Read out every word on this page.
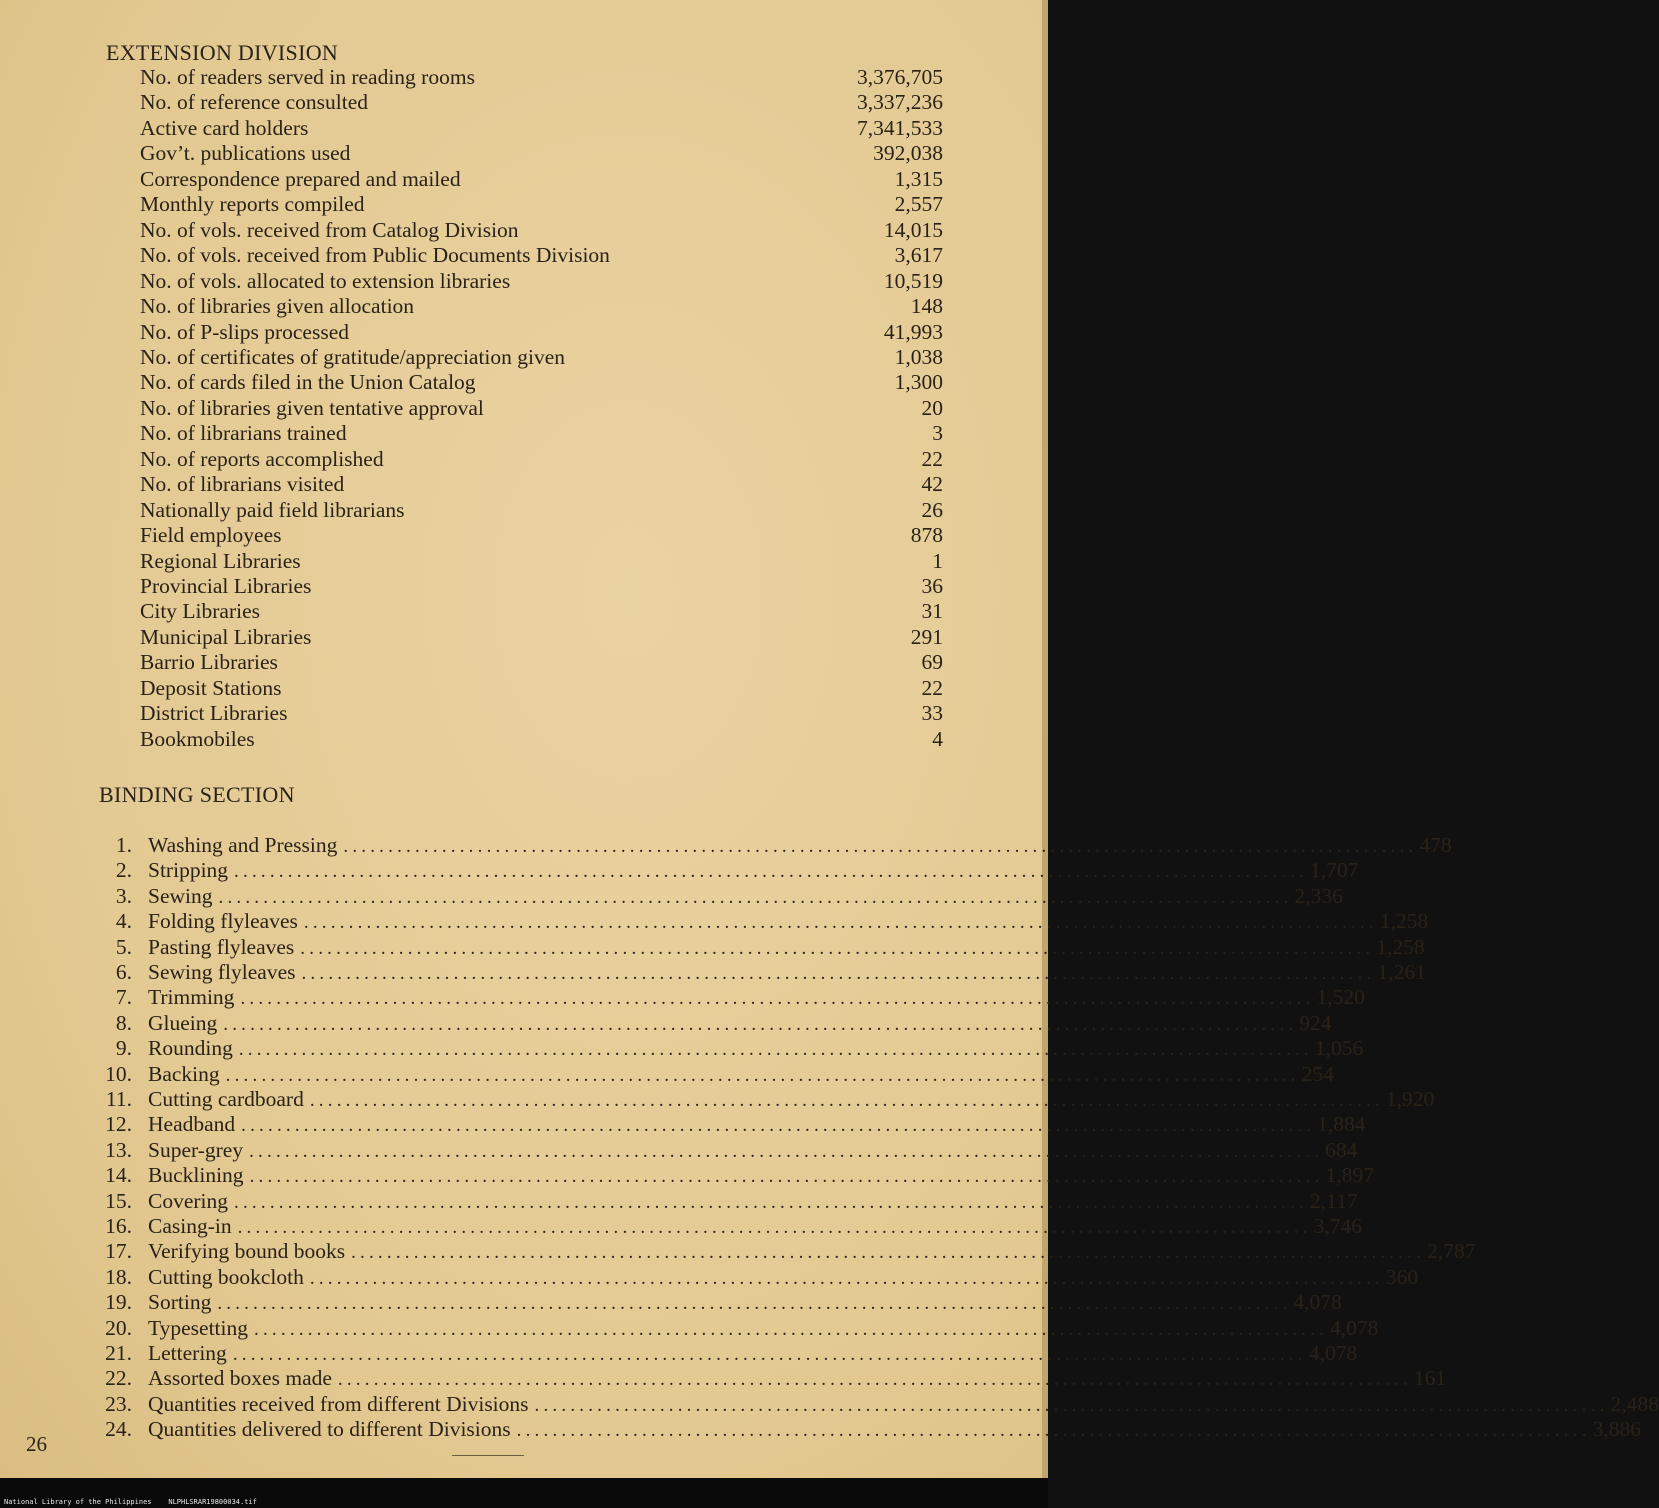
EXTENSION DIVISION
No. of readers served in reading rooms	3,376,705
No. of reference consulted	3,337,236
Active card holders	7,341,533
Gov’t. publications used	392,038
Correspondence prepared and mailed	1,315
Monthly reports compiled	2,557
No. of vols. received from Catalog Division	14,015
No. of vols. received from Public Documents Division	3,617
No. of vols. allocated to extension libraries	10,519
No. of libraries given allocation	148
No. of P-slips processed	41,993
No. of certificates of gratitude/appreciation given	1,038
No. of cards filed in the Union Catalog	1,300
No. of libraries given tentative approval	20
No. of librarians trained	3
No. of reports accomplished	22
No. of librarians visited	42
Nationally paid field librarians	26
Field employees	878
Regional Libraries	1
Provincial Libraries	36
City Libraries	31
Municipal Libraries	291
Barrio Libraries	69
Deposit Stations	22
District Libraries	33
Bookmobiles	4
BINDING SECTION
1. Washing and Pressing ........................................................................................................................ 478
2. Stripping ........................................................................................................................ 1,707
3. Sewing ........................................................................................................................ 2,336
4. Folding flyleaves ........................................................................................................................ 1,258
5. Pasting flyleaves ........................................................................................................................ 1,258
6. Sewing flyleaves ........................................................................................................................ 1,261
7. Trimming ........................................................................................................................ 1,520
8. Glueing ........................................................................................................................ 924
9. Rounding ........................................................................................................................ 1,056
10. Backing ........................................................................................................................ 254
11. Cutting cardboard ........................................................................................................................ 1,920
12. Headband ........................................................................................................................ 1,884
13. Super-grey ........................................................................................................................ 684
14. Bucklining ........................................................................................................................ 1,897
15. Covering ........................................................................................................................ 2,117
16. Casing-in ........................................................................................................................ 3,746
17. Verifying bound books ........................................................................................................................ 2,787
18. Cutting bookcloth ........................................................................................................................ 360
19. Sorting ........................................................................................................................ 4,078
20. Typesetting ........................................................................................................................ 4,078
21. Lettering ........................................................................................................................ 4,078
22. Assorted boxes made ........................................................................................................................ 161
23. Quantities received from different Divisions ........................................................................................................................ 2,488
24. Quantities delivered to different Divisions ........................................................................................................................ 3,886
26
National Library of the Philippines    NLPHLSRAR19800034.tif
